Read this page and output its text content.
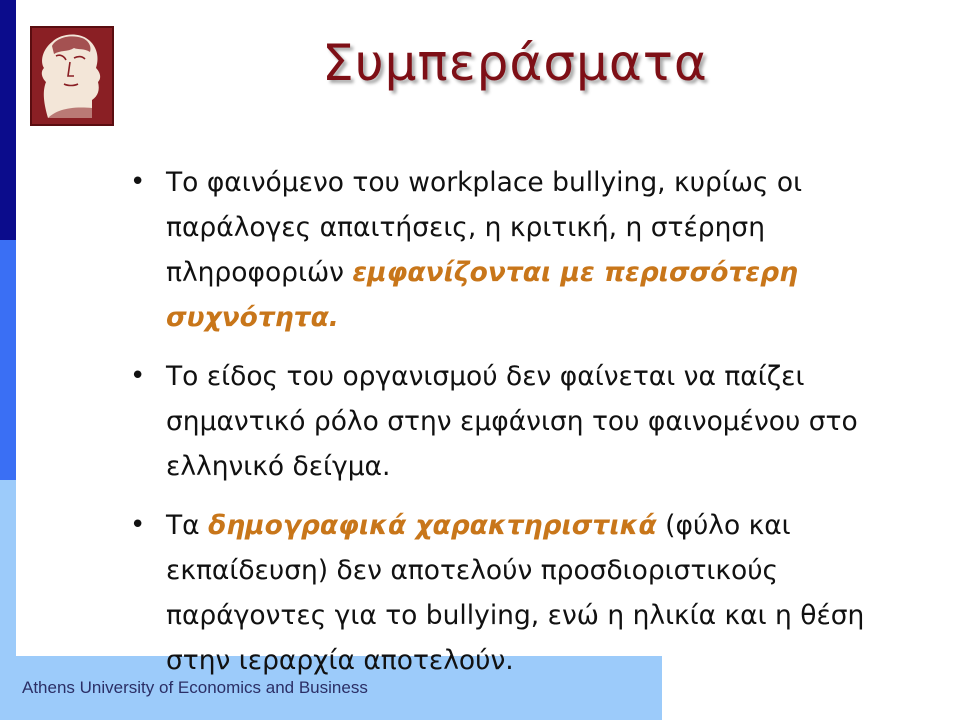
Athens University of Economics and Business
Συμπεράσματα
• Το φαινόμενο του workplace bullying, κυρίως οι παράλογες απαιτήσεις, η κριτική, η στέρηση πληροφοριών εμφανίζονται με περισσότερη συχνότητα.
• Το είδος του οργανισμού δεν φαίνεται να παίζει σημαντικό ρόλο στην εμφάνιση του φαινομένου στο ελληνικό δείγμα.
• Τα δημογραφικά χαρακτηριστικά (φύλο και εκπαίδευση) δεν αποτελούν προσδιοριστικούς παράγοντες για το bullying, ενώ η ηλικία και η θέση στην ιεραρχία αποτελούν.
